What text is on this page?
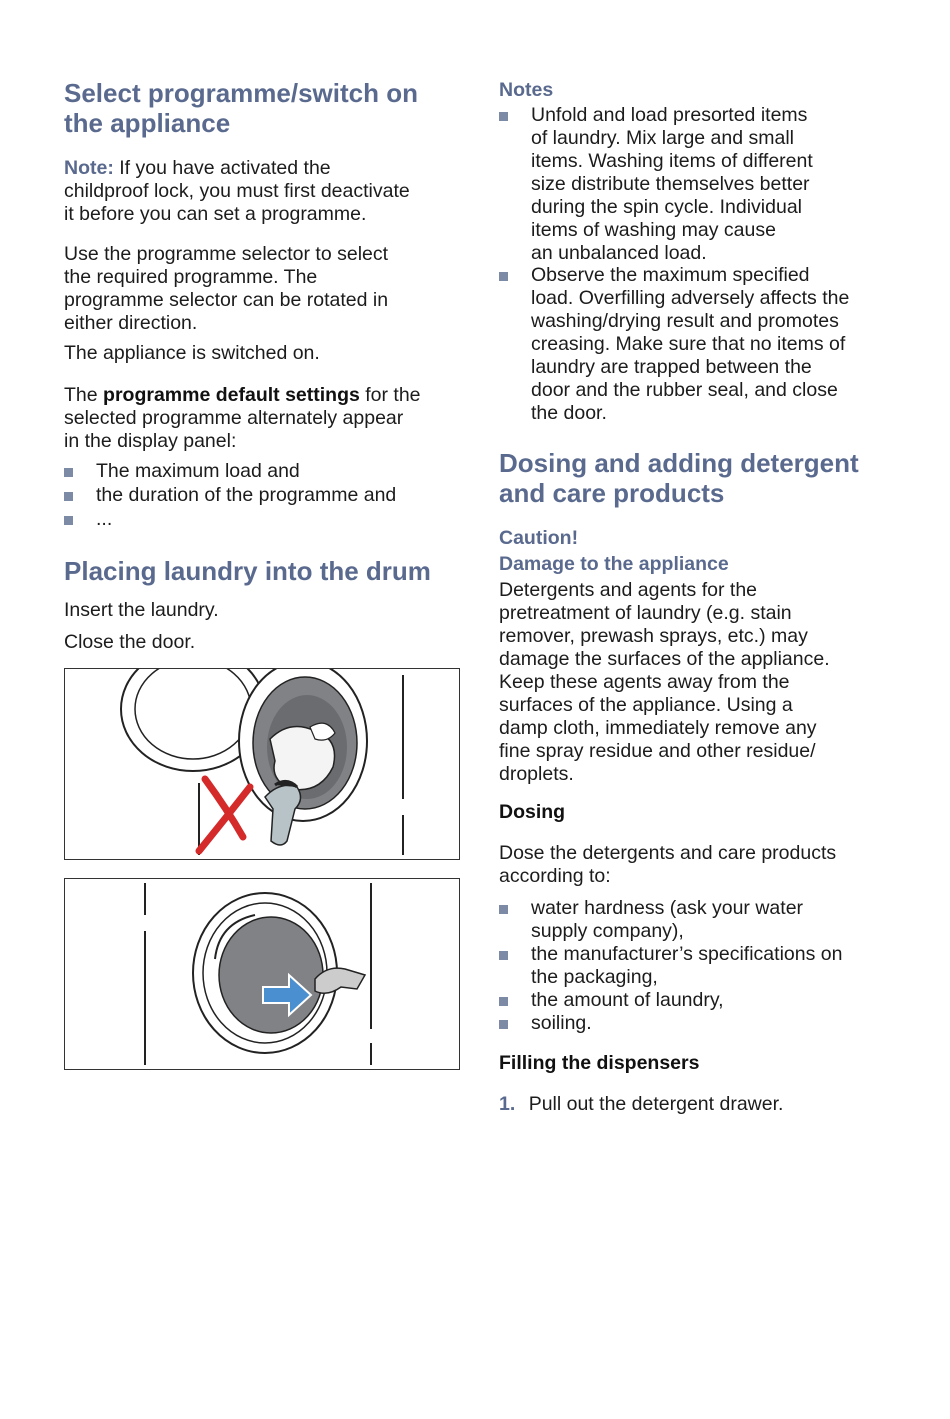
Select programme/switch on
the appliance

Note: If you have activated the
childproof lock, you must first deactivate
it before you can set a programme.

Use the programme selector to select
the required programme. The
programme selector can be rotated in
either direction.

The appliance is switched on.

The programme default settings for the
selected programme alternately appear
in the display panel:

The maximum load and
the duration of the programme and
...
Placing laundry into the drum

Insert the laundry.

Close the door.

Notes
Unfold and load presorted items
of laundry. Mix large and small
items. Washing items of different
size distribute themselves better
during the spin cycle. Individual
items of washing may cause
an unbalanced load.
Observe the maximum specified
load. Overfilling adversely affects the
washing/drying result and promotes
creasing. Make sure that no items of
laundry are trapped between the
door and the rubber seal, and close
the door.
Dosing and adding detergent
and care products
Caution!
Damage to the appliance

Detergents and agents for the
pretreatment of laundry (e.g. stain
remover, prewash sprays, etc.) may
damage the surfaces of the appliance.
Keep these agents away from the
surfaces of the appliance. Using a
damp cloth, immediately remove any
fine spray residue and other residue/
droplets.

Dosing

Dose the detergents and care products
according to:

water hardness (ask your water
supply company),
the manufacturer’s specifications on
the packaging,
the amount of laundry,
soiling.
Filling the dispensers

1. Pull out the detergent drawer.
